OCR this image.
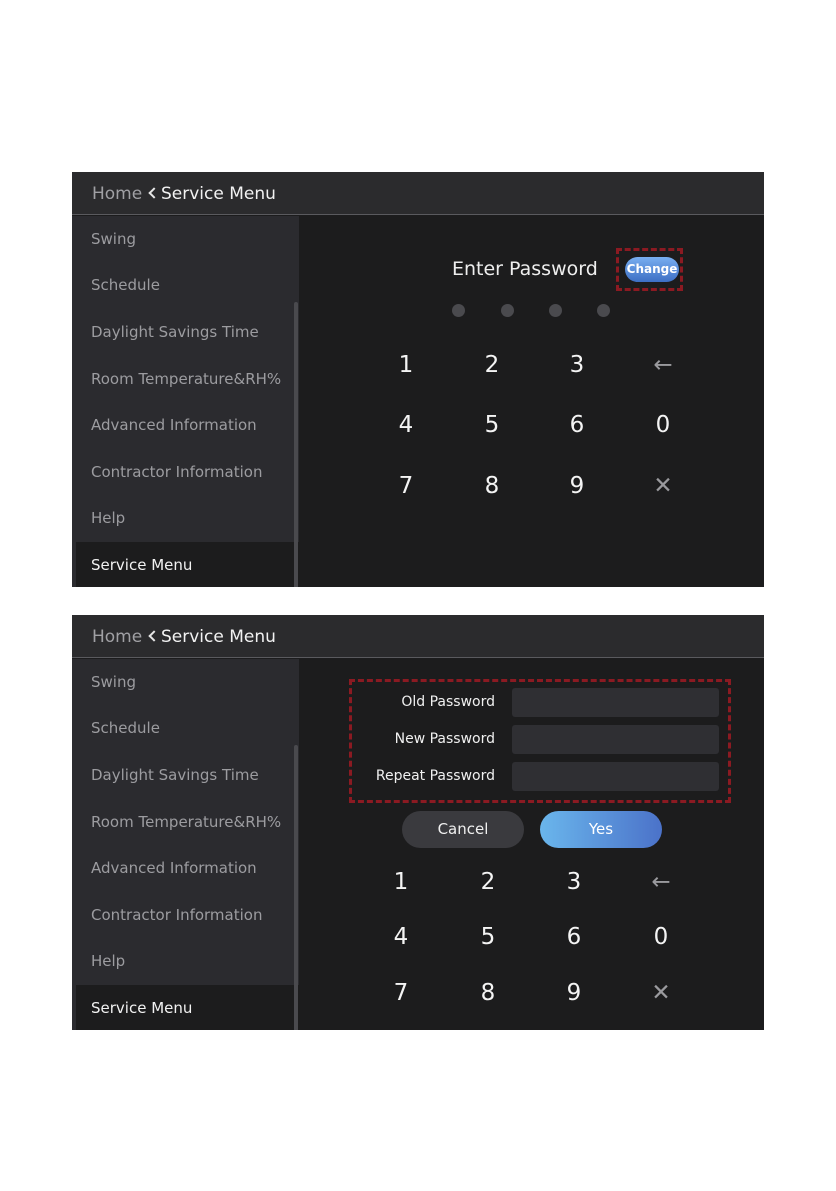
Home Service Menu
Swing
Schedule
Daylight Savings Time
Room Temperature&RH%
Advanced Information
Contractor Information
Help
Service Menu
Enter Password Change
1	2	3	←
4	5	6	0
7	8	9	✕
Home Service Menu
Swing
Schedule
Daylight Savings Time
Room Temperature&RH%
Advanced Information
Contractor Information
Help
Service Menu
Old Password
New Password
Repeat Password
Cancel	Yes
1	2	3	←
4	5	6	0
7	8	9	✕
